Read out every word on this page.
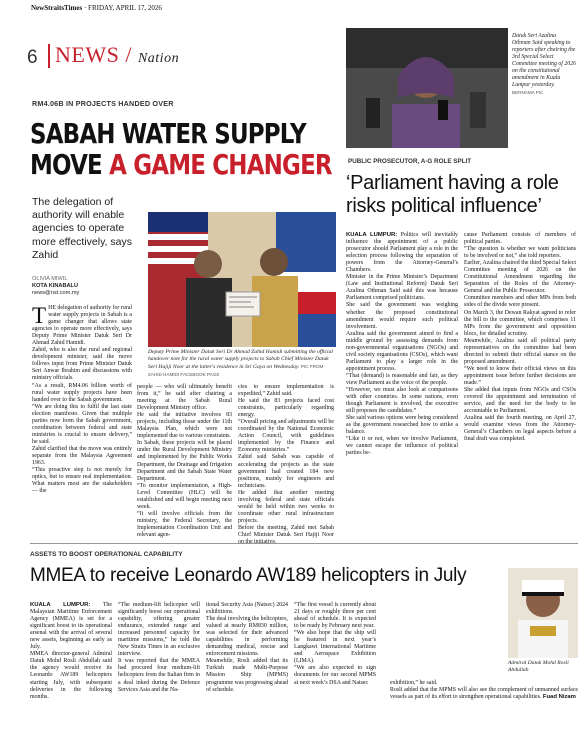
NewStraitsTimes · FRIDAY, APRIL 17, 2026
6 NEWS / Nation
RM4.06B IN PROJECTS HANDED OVER
SABAH WATER SUPPLY
MOVE A GAME CHANGER
The delegation of authority will enable agencies to operate more effectively, says Zahid
OLIVIA MIWIL
KOTA KINABALU
news@nst.com.my
Deputy Prime Minister Datuk Seri Dr Ahmad Zahid Hamidi submitting the official handover note for the rural water supply projects to Sabah Chief Minister Datuk Seri Hajiji Noor at the latter's residence in Sri Gaya on Wednesday. PIC FROM ZAHID HAMIDI FACEBOOK PAGE
T HE delegation of authority for rural water supply projects in Sabah is a game changer that allows state agencies to operate more effectively, says Deputy Prime Minister Datuk Seri Dr Ahmad Zahid Hamidi.

Zahid, who is also the rural and regional development minister, said the move follows input from Prime Minister Datuk Seri Anwar Ibrahim and discussions with ministry officials.

“As a result, RM4.06 billion worth of rural water supply projects have been handed over to the Sabah government.

“We are doing this to fulfil the last state election manifesto. Given that multiple parties now form the Sabah government, coordination between federal and state ministries is crucial to ensure delivery,” he said.

Zahid clarified that the move was entirely separate from the Malaysia Agreement 1963.

“This proactive step is not merely for optics, but to ensure real implementation. What matters most are the stakeholders — the

people — who will ultimately benefit from it,” he said after chairing a meeting at the Sabah Rural Development Ministry office.

He said the initiative involves 83 projects, including those under the 11th Malaysia Plan, which were not implemented due to various constraints.

In Sabah, these projects will be placed under the Rural Development Ministry and implemented by the Public Works Department, the Drainage and Irrigation Department and the Sabah State Water Department.

“To monitor implementation, a High-Level Committee (HLC) will be established and will begin meeting next week.

“It will involve officials from the ministry, the Federal Secretary, the Implementation Coordination Unit and relevant agen-

cies to ensure implementation is expedited,” Zahid said.

He said the 83 projects faced cost constraints, particularly regarding energy.

“Overall pricing and adjustments will be coordinated by the National Economic Action Council, with guidelines implemented by the Finance and Economy ministries.”

Zahid said Sabah was capable of accelerating the projects as the state government had created 184 new positions, mainly for engineers and technicians.

He added that another meeting involving federal and state officials would be held within two weeks to coordinate other rural infrastructure projects.

Before the meeting, Zahid met Sabah Chief Minister Datuk Seri Hajiji Noor

Datuk Seri Azalina Othman Said speaking to reporters after chairing the 3rd Special Select Committee meeting of 2026 on the constitutional amendment in Kuala Lumpur yesterday. BERNAMA PIC
PUBLIC PROSECUTOR, A-G ROLE SPLIT
‘Parliament having a role risks political influence’

KUALA LUMPUR: Politics will inevitably influence the appointment of a public prosecutor should Parliament play a role in the selection process following the separation of powers from the Attorney-General’s Chambers.

Minister in the Prime Minister’s Department (Law and Institutional Reform) Datuk Seri Azalina Othman Said said this was because Parliament comprised politicians.

She said the government was weighing whether the proposed constitutional amendment would require such political involvement.

Azalina said the government aimed to find a middle ground by assessing demands from non-governmental organisations (NGOs) and civil society organisations (CSOs), which want Parliament to play a larger role in the appointment process.

“That (demand) is reasonable and fair, as they view Parliament as the voice of the people.

“However, we must also look at comparisons with other countries. In some nations, even though Parliament is involved, the executive still proposes the candidates.”

She said various options were being considered as the government researched how to strike a balance.

“Like it or not, when we involve Parliament, we cannot escape the influence of political parties be-

cause Parliament consists of members of political parties.

“The question is whether we want politicians to be involved or not,” she told reporters.

Earlier, Azalina chaired the third Special Select Committee meeting of 2026 on the Constitutional Amendment regarding the Separation of the Roles of the Attorney-General and the Public Prosecutor.

Committee members and other MPs from both sides of the divide were present.

On March 3, the Dewan Rakyat agreed to refer the bill to the committee, which comprises 11 MPs from the government and opposition blocs, for detailed scrutiny.

Meanwhile, Azalina said all political party representatives on the committee had been directed to submit their official stance on the proposed amendment.

“We need to know their official views on this appointment issue before further decisions are made.”

She added that inputs from NGOs and CSOs covered the appointment and termination of service, and the need for the body to be accountable to Parliament.

Azalina said the fourth meeting, on April 27, would examine views from the Attorney-General’s Chambers on legal aspects before a final draft was completed.

ASSETS TO BOOST OPERATIONAL CAPABILITY
MMEA to receive Leonardo AW189 helicopters in July

KUALA LUMPUR: The Malaysian Maritime Enforcement Agency (MMEA) is set for a significant boost to its operational arsenal with the arrival of several new assets, beginning as early as July.

MMEA director-general Admiral Datuk Mohd Rosli Abdullah said the agency would receive its Leonardo AW189 helicopters starting July, with subsequent deliveries in the following months.

“The medium-lift helicopter will significantly boost our operational capability, offering greater endurance, extended range and increased personnel capacity for maritime missions,” he told the New Straits Times in an exclusive interview.

It was reported that the MMEA had procured four medium-lift helicopters from the Italian firm in a deal inked during the Defence Services Asia and the Na-

tional Security Asia (Natsec) 2024 exhibitions.

The deal involving the helicopters, valued at nearly RM830 million, was selected for their advanced capabilities in performing demanding medical, rescue and enforcement missions.

Meanwhile, Rosli added that its Turkish made Multi-Purpose Mission Ship (MPMS) programme was progressing ahead of schedule.

“The first vessel is currently about 21 days or roughly three per cent ahead of schedule. It is expected to be ready by February next year.

“We also hope that the ship will be featured in next year’s Langkawi International Maritime and Aerospace Exhibition (LIMA).

“We are also expected to sign documents for our second MPMS at next week’s DSA and Natsec

Admiral Datuk Mohd Rosli Abdullah

exhibition,” he said.

Rosli added that the MPMS will also see the complement of unmanned surface vessels as part of its effort to strengthen operational capabilities. Fuad Nizam
